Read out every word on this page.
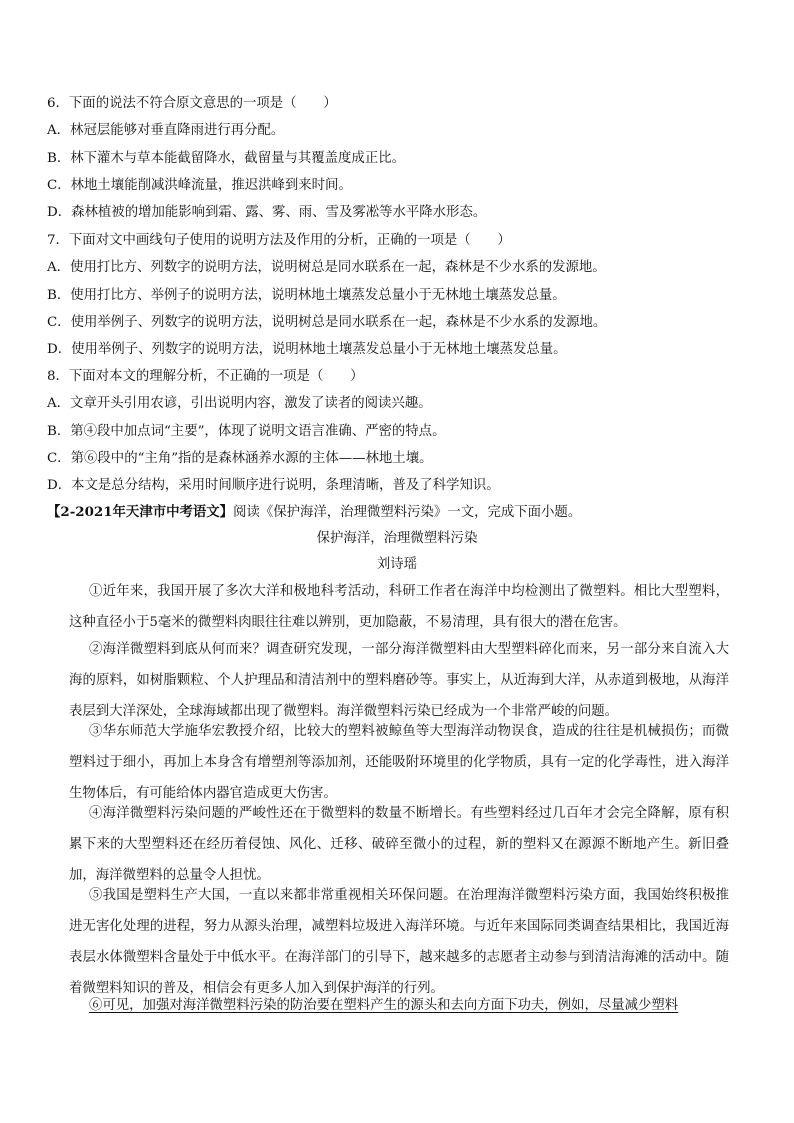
6．下面的说法不符合原文意思的一项是（　　）
A．林冠层能够对垂直降雨进行再分配。
B．林下灌木与草本能截留降水，截留量与其覆盖度成正比。
C．林地土壤能削减洪峰流量，推迟洪峰到来时间。
D．森林植被的增加能影响到霜、露、雾、雨、雪及雾凇等水平降水形态。
7．下面对文中画线句子使用的说明方法及作用的分析，正确的一项是（　　）
A．使用打比方、列数字的说明方法，说明树总是同水联系在一起，森林是不少水系的发源地。
B．使用打比方、举例子的说明方法，说明林地土壤蒸发总量小于无林地土壤蒸发总量。
C．使用举例子、列数字的说明方法，说明树总是同水联系在一起，森林是不少水系的发源地。
D．使用举例子、列数字的说明方法，说明林地土壤蒸发总量小于无林地土壤蒸发总量。
8．下面对本文的理解分析，不正确的一项是（　　）
A．文章开头引用农谚，引出说明内容，激发了读者的阅读兴趣。
B．第④段中加点词“主要”，体现了说明文语言准确、严密的特点。
C．第⑥段中的“主角”指的是森林涵养水源的主体——林地土壤。
D．本文是总分结构，采用时间顺序进行说明，条理清晰，普及了科学知识。
【2-2021年天津市中考语文】阅读《保护海洋，治理微塑料污染》一文，完成下面小题。
保护海洋，治理微塑料污染
刘诗瑶
①近年来，我国开展了多次大洋和极地科考活动，科研工作者在海洋中均检测出了微塑料。相比大型塑料，这种直径小于5毫米的微塑料肉眼往往难以辨别，更加隐蔽，不易清理，具有很大的潜在危害。
②海洋微塑料到底从何而来？调查研究发现，一部分海洋微塑料由大型塑料碎化而来，另一部分来自流入大海的原料，如树脂颗粒、个人护理品和清洁剂中的塑料磨砂等。事实上，从近海到大洋，从赤道到极地，从海洋表层到大洋深处，全球海域都出现了微塑料。海洋微塑料污染已经成为一个非常严峻的问题。
③华东师范大学施华宏教授介绍，比较大的塑料被鲸鱼等大型海洋动物误食，造成的往往是机械损伤；而微塑料过于细小，再加上本身含有增塑剂等添加剂，还能吸附环境里的化学物质，具有一定的化学毒性，进入海洋生物体后，有可能给体内器官造成更大伤害。
④海洋微塑料污染问题的严峻性还在于微塑料的数量不断增长。有些塑料经过几百年才会完全降解，原有积累下来的大型塑料还在经历着侵蚀、风化、迁移、破碎至微小的过程，新的塑料又在源源不断地产生。新旧叠加，海洋微塑料的总量令人担忧。
⑤我国是塑料生产大国，一直以来都非常重视相关环保问题。在治理海洋微塑料污染方面，我国始终积极推进无害化处理的进程，努力从源头治理，减塑料垃圾进入海洋环境。与近年来国际同类调查结果相比，我国近海表层水体微塑料含量处于中低水平。在海洋部门的引导下，越来越多的志愿者主动参与到清洁海滩的活动中。随着微塑料知识的普及，相信会有更多人加入到保护海洋的行列。
⑥可见，加强对海洋微塑料污染的防治要在塑料产生的源头和去向方面下功夫，例如，尽量减少塑料
